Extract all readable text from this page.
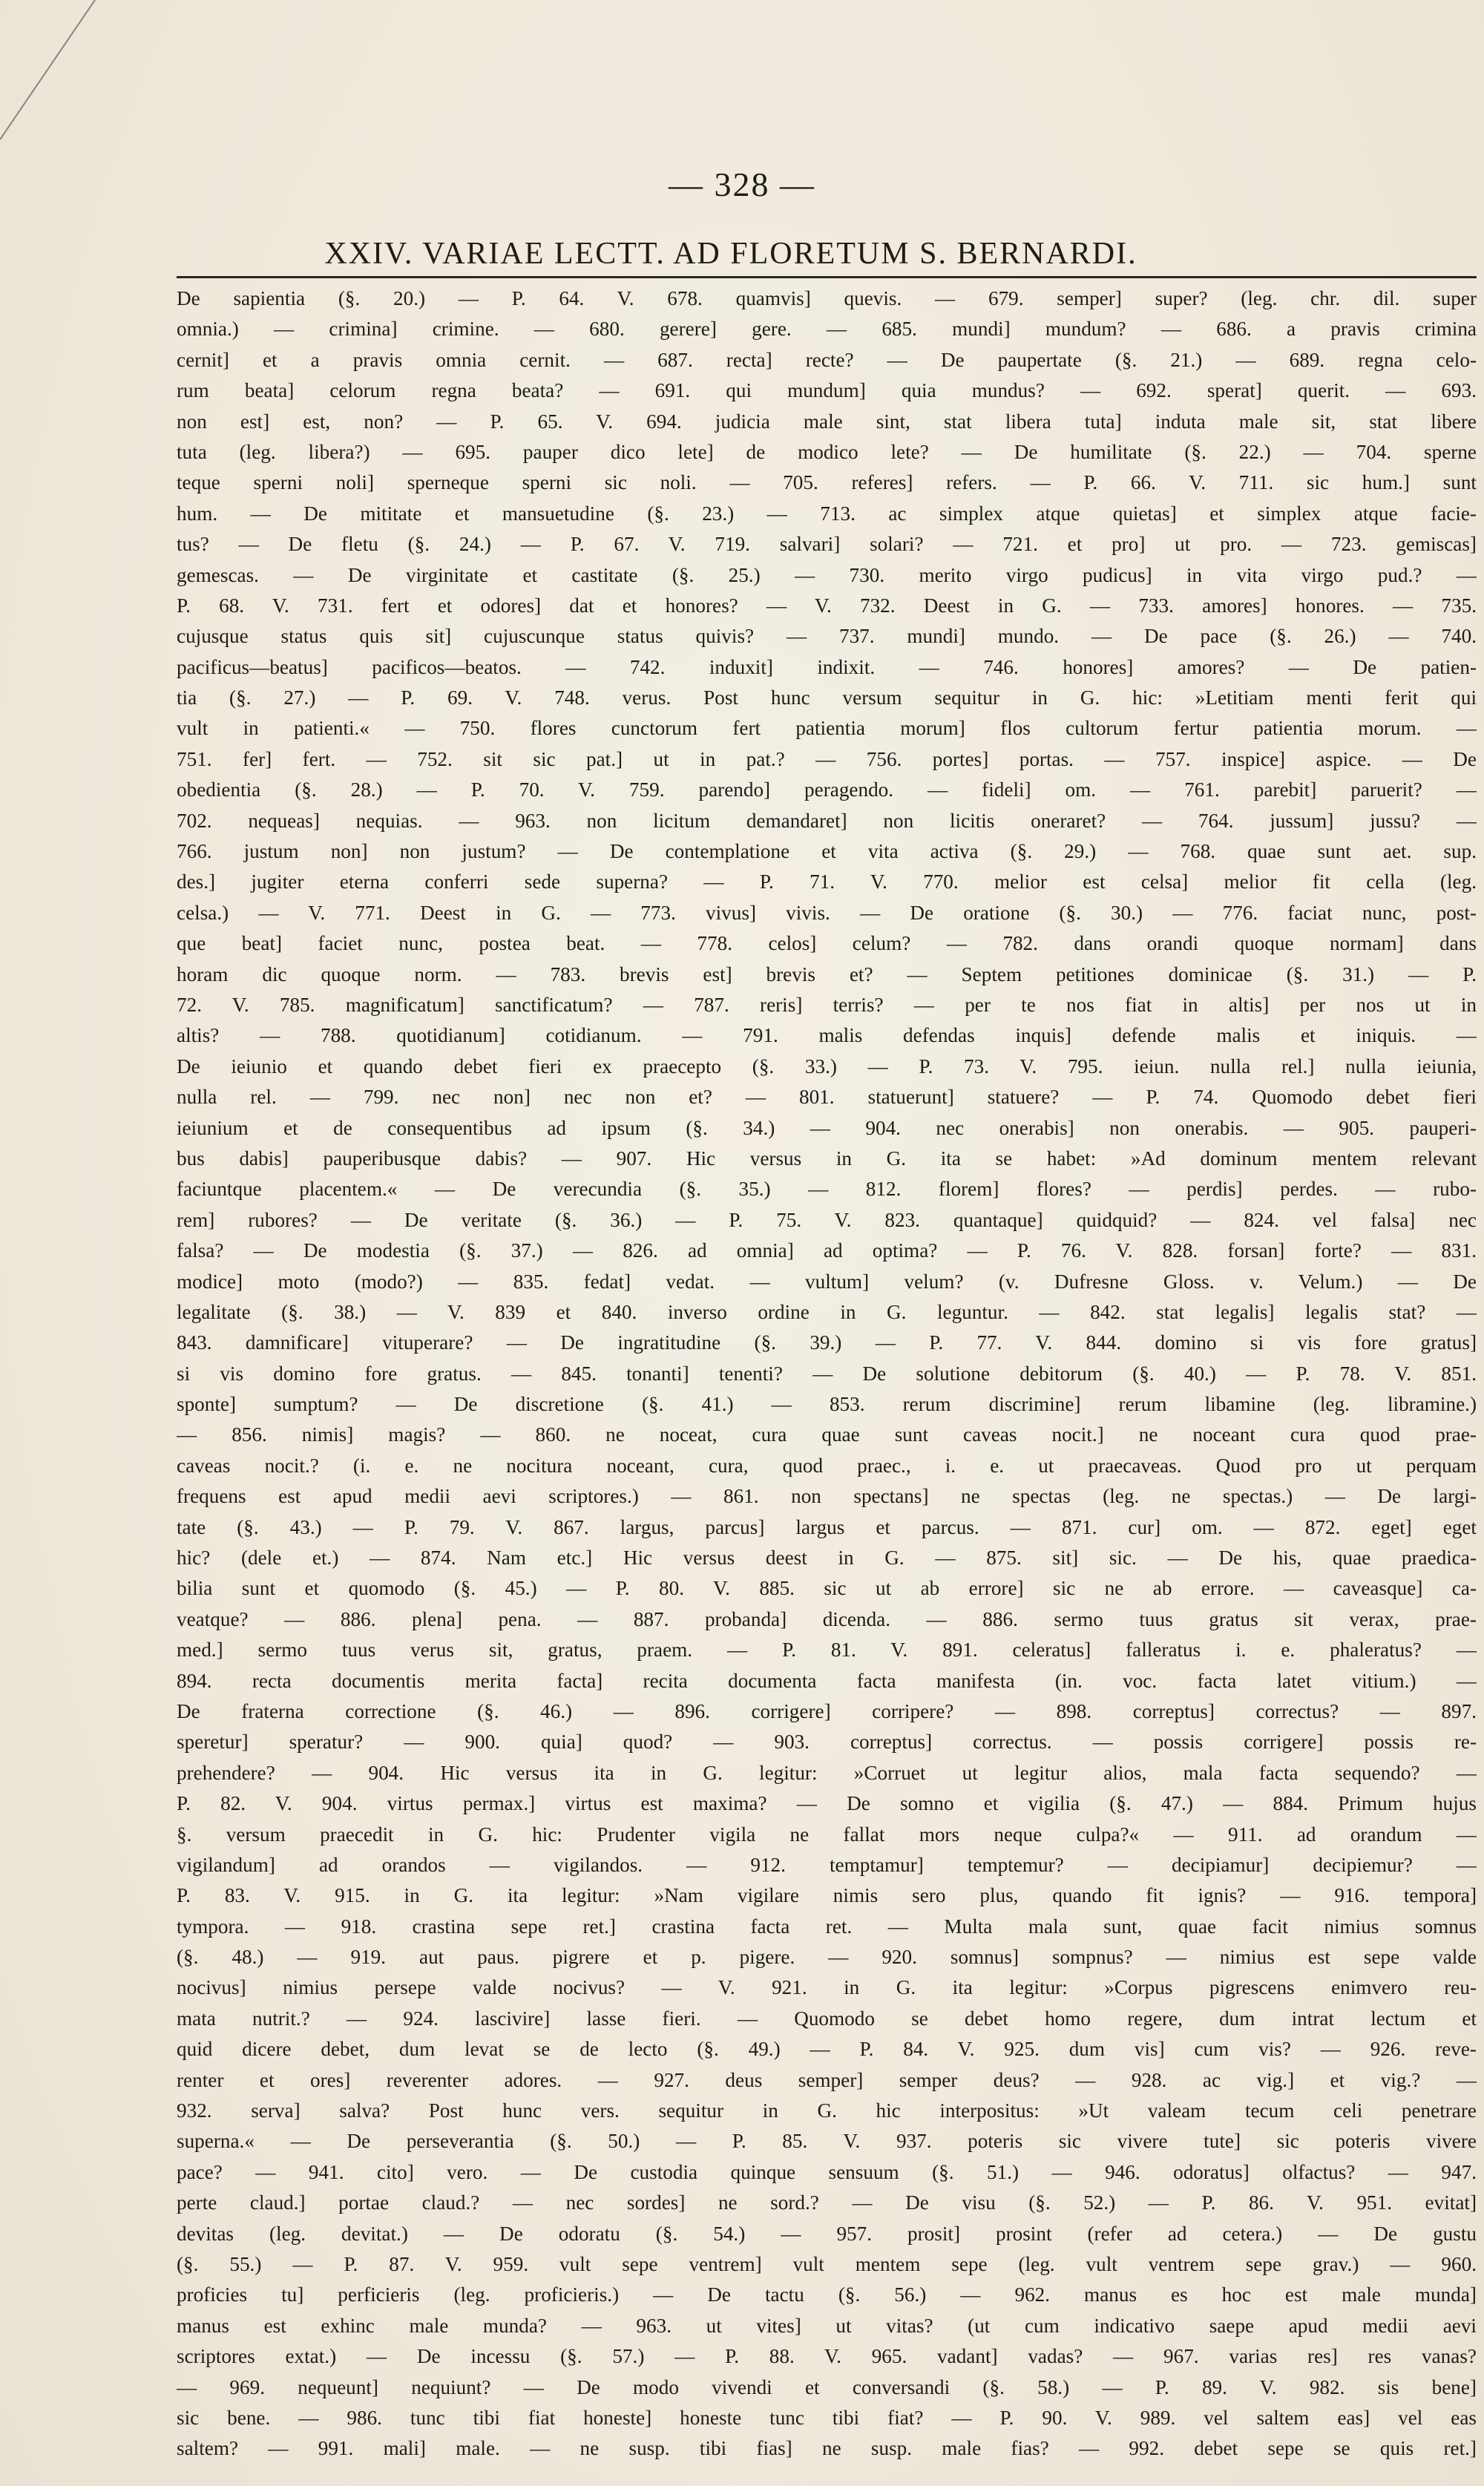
— 328 —
XXIV. VARIAE LECTT. AD FLORETUM S. BERNARDI.
De sapientia (§. 20.) — P. 64. V. 678. quamvis] quevis. — 679. semper] super? (leg. chr. dil. super
omnia.) — crimina] crimine. — 680. gerere] gere. — 685. mundi] mundum? — 686. a pravis crimina
cernit] et a pravis omnia cernit. — 687. recta] recte? — De paupertate (§. 21.) — 689. regna celo-
rum beata] celorum regna beata? — 691. qui mundum] quia mundus? — 692. sperat] querit. — 693.
non est] est, non? — P. 65. V. 694. judicia male sint, stat libera tuta] induta male sit, stat libere
tuta (leg. libera?) — 695. pauper dico lete] de modico lete? — De humilitate (§. 22.) — 704. sperne
teque sperni noli] sperneque sperni sic noli. — 705. referes] refers. — P. 66. V. 711. sic hum.] sunt
hum. — De mititate et mansuetudine (§. 23.) — 713. ac simplex atque quietas] et simplex atque facie-
tus? — De fletu (§. 24.) — P. 67. V. 719. salvari] solari? — 721. et pro] ut pro. — 723. gemiscas]
gemescas. — De virginitate et castitate (§. 25.) — 730. merito virgo pudicus] in vita virgo pud.? —
P. 68. V. 731. fert et odores] dat et honores? — V. 732. Deest in G. — 733. amores] honores. — 735.
cujusque status quis sit] cujuscunque status quivis? — 737. mundi] mundo. — De pace (§. 26.) — 740.
pacificus—beatus] pacificos—beatos. — 742. induxit] indixit. — 746. honores] amores? — De patien-
tia (§. 27.) — P. 69. V. 748. verus. Post hunc versum sequitur in G. hic: »Letitiam menti ferit qui
vult in patienti.« — 750. flores cunctorum fert patientia morum] flos cultorum fertur patientia morum. —
751. fer] fert. — 752. sit sic pat.] ut in pat.? — 756. portes] portas. — 757. inspice] aspice. — De
obedientia (§. 28.) — P. 70. V. 759. parendo] peragendo. — fideli] om. — 761. parebit] paruerit? —
702. nequeas] nequias. — 963. non licitum demandaret] non licitis oneraret? — 764. jussum] jussu? —
766. justum non] non justum? — De contemplatione et vita activa (§. 29.) — 768. quae sunt aet. sup.
des.] jugiter eterna conferri sede superna? — P. 71. V. 770. melior est celsa] melior fit cella (leg.
celsa.) — V. 771. Deest in G. — 773. vivus] vivis. — De oratione (§. 30.) — 776. faciat nunc, post-
que beat] faciet nunc, postea beat. — 778. celos] celum? — 782. dans orandi quoque normam] dans
horam dic quoque norm. — 783. brevis est] brevis et? — Septem petitiones dominicae (§. 31.) — P.
72. V. 785. magnificatum] sanctificatum? — 787. reris] terris? — per te nos fiat in altis] per nos ut in
altis? — 788. quotidianum] cotidianum. — 791. malis defendas inquis] defende malis et iniquis. —
De ieiunio et quando debet fieri ex praecepto (§. 33.) — P. 73. V. 795. ieiun. nulla rel.] nulla ieiunia,
nulla rel. — 799. nec non] nec non et? — 801. statuerunt] statuere? — P. 74. Quomodo debet fieri
ieiunium et de consequentibus ad ipsum (§. 34.) — 904. nec onerabis] non onerabis. — 905. pauperi-
bus dabis] pauperibusque dabis? — 907. Hic versus in G. ita se habet: »Ad dominum mentem relevant
faciuntque placentem.« — De verecundia (§. 35.) — 812. florem] flores? — perdis] perdes. — rubo-
rem] rubores? — De veritate (§. 36.) — P. 75. V. 823. quantaque] quidquid? — 824. vel falsa] nec
falsa? — De modestia (§. 37.) — 826. ad omnia] ad optima? — P. 76. V. 828. forsan] forte? — 831.
modice] moto (modo?) — 835. fedat] vedat. — vultum] velum? (v. Dufresne Gloss. v. Velum.) — De
legalitate (§. 38.) — V. 839 et 840. inverso ordine in G. leguntur. — 842. stat legalis] legalis stat? —
843. damnificare] vituperare? — De ingratitudine (§. 39.) — P. 77. V. 844. domino si vis fore gratus]
si vis domino fore gratus. — 845. tonanti] tenenti? — De solutione debitorum (§. 40.) — P. 78. V. 851.
sponte] sumptum? — De discretione (§. 41.) — 853. rerum discrimine] rerum libamine (leg. libramine.)
— 856. nimis] magis? — 860. ne noceat, cura quae sunt caveas nocit.] ne noceant cura quod prae-
caveas nocit.? (i. e. ne nocitura noceant, cura, quod praec., i. e. ut praecaveas. Quod pro ut perquam
frequens est apud medii aevi scriptores.) — 861. non spectans] ne spectas (leg. ne spectas.) — De largi-
tate (§. 43.) — P. 79. V. 867. largus, parcus] largus et parcus. — 871. cur] om. — 872. eget] eget
hic? (dele et.) — 874. Nam etc.] Hic versus deest in G. — 875. sit] sic. — De his, quae praedica-
bilia sunt et quomodo (§. 45.) — P. 80. V. 885. sic ut ab errore] sic ne ab errore. — caveasque] ca-
veatque? — 886. plena] pena. — 887. probanda] dicenda. — 886. sermo tuus gratus sit verax, prae-
med.] sermo tuus verus sit, gratus, praem. — P. 81. V. 891. celeratus] falleratus i. e. phaleratus? —
894. recta documentis merita facta] recita documenta facta manifesta (in. voc. facta latet vitium.) —
De fraterna correctione (§. 46.) — 896. corrigere] corripere? — 898. correptus] correctus? — 897.
speretur] speratur? — 900. quia] quod? — 903. correptus] correctus. — possis corrigere] possis re-
prehendere? — 904. Hic versus ita in G. legitur: »Corruet ut legitur alios, mala facta sequendo? —
P. 82. V. 904. virtus permax.] virtus est maxima? — De somno et vigilia (§. 47.) — 884. Primum hujus
§. versum praecedit in G. hic: Prudenter vigila ne fallat mors neque culpa?« — 911. ad orandum —
vigilandum] ad orandos — vigilandos. — 912. temptamur] temptemur? — decipiamur] decipiemur? —
P. 83. V. 915. in G. ita legitur: »Nam vigilare nimis sero plus, quando fit ignis? — 916. tempora]
tympora. — 918. crastina sepe ret.] crastina facta ret. — Multa mala sunt, quae facit nimius somnus
(§. 48.) — 919. aut paus. pigrere et p. pigere. — 920. somnus] sompnus? — nimius est sepe valde
nocivus] nimius persepe valde nocivus? — V. 921. in G. ita legitur: »Corpus pigrescens enimvero reu-
mata nutrit.? — 924. lascivire] lasse fieri. — Quomodo se debet homo regere, dum intrat lectum et
quid dicere debet, dum levat se de lecto (§. 49.) — P. 84. V. 925. dum vis] cum vis? — 926. reve-
renter et ores] reverenter adores. — 927. deus semper] semper deus? — 928. ac vig.] et vig.? —
932. serva] salva? Post hunc vers. sequitur in G. hic interpositus: »Ut valeam tecum celi penetrare
superna.« — De perseverantia (§. 50.) — P. 85. V. 937. poteris sic vivere tute] sic poteris vivere
pace? — 941. cito] vero. — De custodia quinque sensuum (§. 51.) — 946. odoratus] olfactus? — 947.
perte claud.] portae claud.? — nec sordes] ne sord.? — De visu (§. 52.) — P. 86. V. 951. evitat]
devitas (leg. devitat.) — De odoratu (§. 54.) — 957. prosit] prosint (refer ad cetera.) — De gustu
(§. 55.) — P. 87. V. 959. vult sepe ventrem] vult mentem sepe (leg. vult ventrem sepe grav.) — 960.
proficies tu] perficieris (leg. proficieris.) — De tactu (§. 56.) — 962. manus es hoc est male munda]
manus est exhinc male munda? — 963. ut vites] ut vitas? (ut cum indicativo saepe apud medii aevi
scriptores extat.) — De incessu (§. 57.) — P. 88. V. 965. vadant] vadas? — 967. varias res] res vanas?
— 969. nequeunt] nequiunt? — De modo vivendi et conversandi (§. 58.) — P. 89. V. 982. sis bene]
sic bene. — 986. tunc tibi fiat honeste] honeste tunc tibi fiat? — P. 90. V. 989. vel saltem eas] vel eas
saltem? — 991. mali] male. — ne susp. tibi fias] ne susp. male fias? — 992. debet sepe se quis ret.]
